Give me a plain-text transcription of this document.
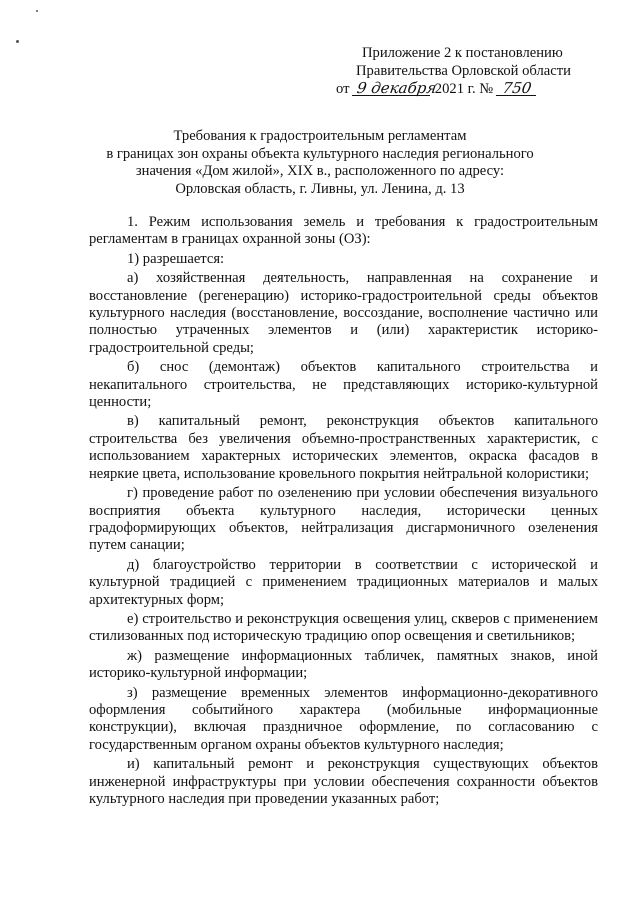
Приложение 2 к постановлению
Правительства Орловской области
от 9 декабря 2021 г. № 750
Требования к градостроительным регламентам
в границах зон охраны объекта культурного наследия регионального
значения «Дом жилой», XIX в., расположенного по адресу:
Орловская область, г. Ливны, ул. Ленина, д. 13

1. Режим использования земель и требования к градостроительным регламентам в границах охранной зоны (ОЗ):

1) разрешается:

а) хозяйственная деятельность, направленная на сохранение и восстановление (регенерацию) историко-градостроительной среды объектов культурного наследия (восстановление, воссоздание, восполнение частично или полностью утраченных элементов и (или) характеристик историко-градостроительной среды;

б) снос (демонтаж) объектов капитального строительства и некапитального строительства, не представляющих историко-культурной ценности;

в) капитальный ремонт, реконструкция объектов капитального строительства без увеличения объемно-пространственных характеристик, с использованием характерных исторических элементов, окраска фасадов в неяркие цвета, использование кровельного покрытия нейтральной колористики;

г) проведение работ по озеленению при условии обеспечения визуального восприятия объекта культурного наследия, исторически ценных градоформирующих объектов, нейтрализация дисгармоничного озеленения путем санации;

д) благоустройство территории в соответствии с исторической и культурной традицией с применением традиционных материалов и малых архитектурных форм;

е) строительство и реконструкция освещения улиц, скверов с применением стилизованных под историческую традицию опор освещения и светильников;

ж) размещение информационных табличек, памятных знаков, иной историко-культурной информации;

з) размещение временных элементов информационно-декоративного оформления событийного характера (мобильные информационные конструкции), включая праздничное оформление, по согласованию с государственным органом охраны объектов культурного наследия;

и) капитальный ремонт и реконструкция существующих объектов инженерной инфраструктуры при условии обеспечения сохранности объектов культурного наследия при проведении указанных работ;
